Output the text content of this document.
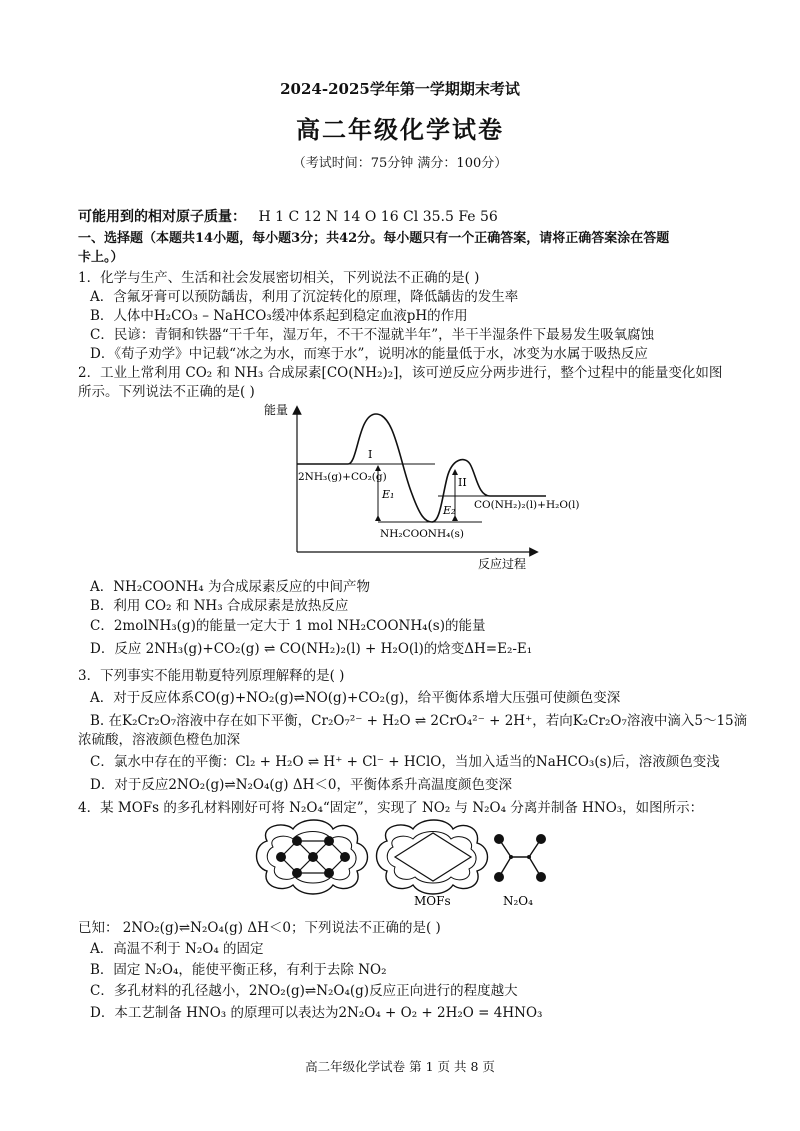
2024-2025学年第一学期期末考试
高二年级化学试卷
（考试时间：75分钟 满分：100分）
可能用到的相对原子质量： H 1 C 12 N 14 O 16 Cl 35.5 Fe 56
一、选择题（本题共14小题，每小题3分；共42分。每小题只有一个正确答案，请将正确答案涂在答题
卡上。）
1．化学与生产、生活和社会发展密切相关，下列说法不正确的是( )
A．含氟牙膏可以预防龋齿，利用了沉淀转化的原理，降低龋齿的发生率
B．人体中H₂CO₃ – NaHCO₃缓冲体系起到稳定血液pH的作用
C．民谚：青铜和铁器“干千年，湿万年，不干不湿就半年”，半干半湿条件下最易发生吸氧腐蚀
D．《荀子劝学》中记载“冰之为水，而寒于水”，说明冰的能量低于水，冰变为水属于吸热反应
2．工业上常利用 CO₂ 和 NH₃ 合成尿素[CO(NH₂)₂]，该可逆反应分两步进行，整个过程中的能量变化如图
所示。下列说法不正确的是( )
能量
反应过程
I
II
2NH₃(g)+CO₂(g)
CO(NH₂)₂(l)+H₂O(l)
NH₂COONH₄(s)
E₁
E₂
A．NH₂COONH₄ 为合成尿素反应的中间产物
B．利用 CO₂ 和 NH₃ 合成尿素是放热反应
C．2molNH₃(g)的能量一定大于 1 mol NH₂COONH₄(s)的能量
D．反应 2NH₃(g)+CO₂(g) ⇌ CO(NH₂)₂(l) + H₂O(l)的焓变ΔH=E₂-E₁
3．下列事实不能用勒夏特列原理解释的是( )
A．对于反应体系CO(g)+NO₂(g)⇌NO(g)+CO₂(g)，给平衡体系增大压强可使颜色变深
B. 在K₂Cr₂O₇溶液中存在如下平衡，Cr₂O₇²⁻ + H₂O ⇌ 2CrO₄²⁻ + 2H⁺，若向K₂Cr₂O₇溶液中滴入5～15滴
浓硫酸，溶液颜色橙色加深
C．氯水中存在的平衡：Cl₂ + H₂O ⇌ H⁺ + Cl⁻ + HClO，当加入适当的NaHCO₃(s)后，溶液颜色变浅
D．对于反应2NO₂(g)⇌N₂O₄(g) ΔH＜0，平衡体系升高温度颜色变深
4．某 MOFs 的多孔材料刚好可将 N₂O₄“固定”，实现了 NO₂ 与 N₂O₄ 分离并制备 HNO₃，如图所示：
MOFs	N₂O₄
已知： 2NO₂(g)⇌N₂O₄(g) ΔH＜0；下列说法不正确的是( )
A．高温不利于 N₂O₄ 的固定
B．固定 N₂O₄，能使平衡正移，有利于去除 NO₂
C．多孔材料的孔径越小，2NO₂(g)⇌N₂O₄(g)反应正向进行的程度越大
D．本工艺制备 HNO₃ 的原理可以表达为2N₂O₄ + O₂ + 2H₂O = 4HNO₃
高二年级化学试卷 第 1 页 共 8 页
